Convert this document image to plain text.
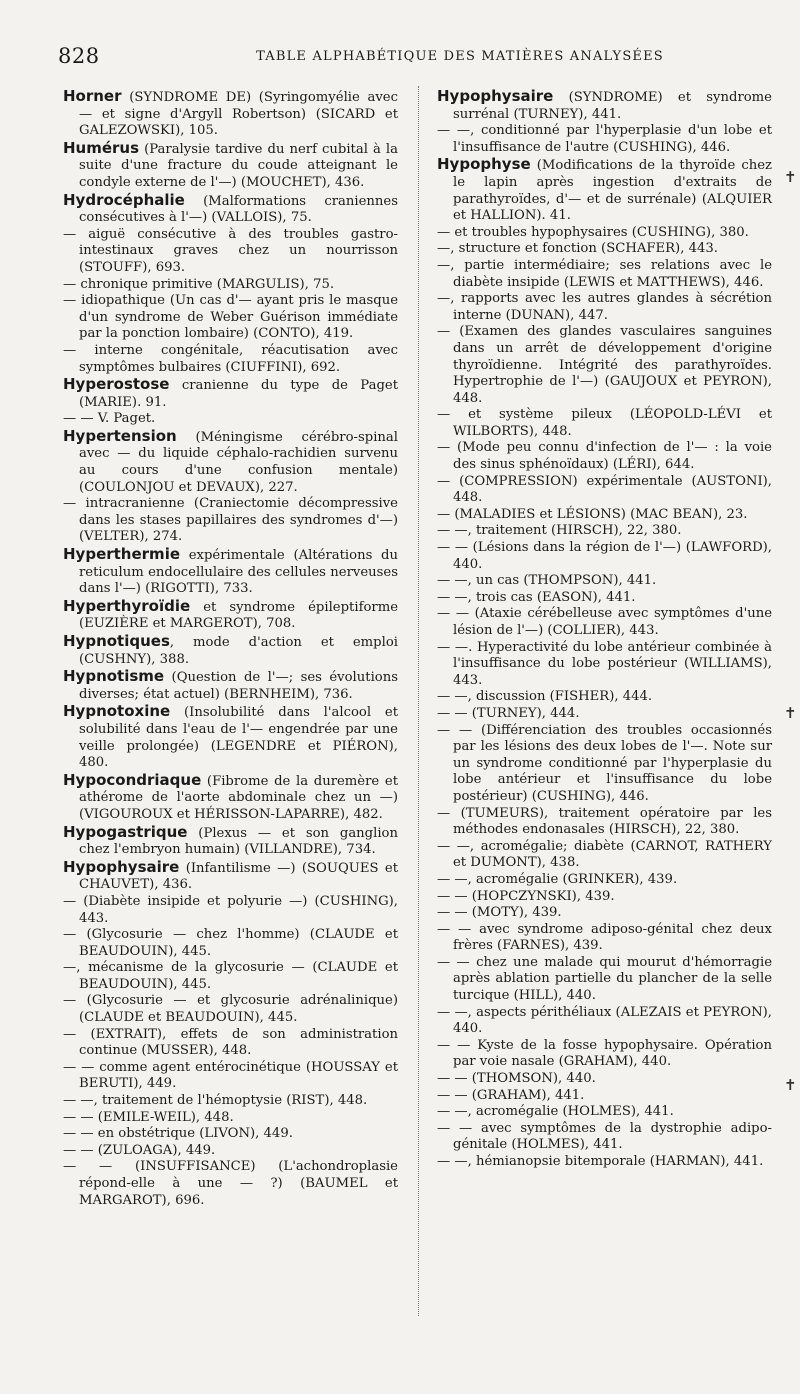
828	TABLE ALPHABÉTIQUE DES MATIÈRES ANALYSÉES

Horner (SYNDROME DE) (Syringomyélie avec — et signe d'Argyll Robertson) (SICARD et GALEZOWSKI), 105.

Humérus (Paralysie tardive du nerf cubital à la suite d'une fracture du coude atteignant le condyle externe de l'—) (MOUCHET), 436.

Hydrocéphalie (Malformations craniennes consécutives à l'—) (VALLOIS), 75.

— aiguë consécutive à des troubles gastro-intestinaux graves chez un nourrisson (STOUFF), 693.

— chronique primitive (MARGULIS), 75.

— idiopathique (Un cas d'— ayant pris le masque d'un syndrome de Weber Guérison immédiate par la ponction lombaire) (CONTO), 419.

— interne congénitale, réacutisation avec symptômes bulbaires (CIUFFINI), 692.

Hyperostose cranienne du type de Paget (MARIE). 91.

— — V. Paget.

Hypertension (Méningisme cérébro-spinal avec — du liquide céphalo-rachidien survenu au cours d'une confusion mentale) (COULONJOU et DEVAUX), 227.

— intracranienne (Craniectomie décompressive dans les stases papillaires des syndromes d'—) (VELTER), 274.

Hyperthermie expérimentale (Altérations du reticulum endocellulaire des cellules nerveuses dans l'—) (RIGOTTI), 733.

Hyperthyroïdie et syndrome épileptiforme (EUZIÈRE et MARGEROT), 708.

Hypnotiques, mode d'action et emploi (CUSHNY), 388.

Hypnotisme (Question de l'—; ses évolutions diverses; état actuel) (BERNHEIM), 736.

Hypnotoxine (Insolubilité dans l'alcool et solubilité dans l'eau de l'— engendrée par une veille prolongée) (LEGENDRE et PIÉRON), 480.

Hypocondriaque (Fibrome de la duremère et athérome de l'aorte abdominale chez un —) (VIGOUROUX et HÉRISSON-LAPARRE), 482.

Hypogastrique (Plexus — et son ganglion chez l'embryon humain) (VILLANDRE), 734.

Hypophysaire (Infantilisme —) (SOUQUES et CHAUVET), 436.

— (Diabète insipide et polyurie —) (CUSHING), 443.

— (Glycosurie — chez l'homme) (CLAUDE et BEAUDOUIN), 445.

—, mécanisme de la glycosurie — (CLAUDE et BEAUDOUIN), 445.

— (Glycosurie — et glycosurie adrénalinique) (CLAUDE et BEAUDOUIN), 445.

— (EXTRAIT), effets de son administration continue (MUSSER), 448.

— — comme agent entérocinétique (HOUSSAY et BERUTI), 449.

— —, traitement de l'hémoptysie (RIST), 448.

— — (EMILE-WEIL), 448.

— — en obstétrique (LIVON), 449.

— — (ZULOAGA), 449.

— — (INSUFFISANCE) (L'achondroplasie répond-elle à une — ?) (BAUMEL et MARGAROT), 696.

Hypophysaire (SYNDROME) et syndrome surrénal (TURNEY), 441.

— —, conditionné par l'hyperplasie d'un lobe et l'insuffisance de l'autre (CUSHING), 446.

Hypophyse (Modifications de la thyroïde chez le lapin après ingestion d'extraits de parathyroïdes, d'— et de surrénale) (ALQUIER et HALLION). 41.

— et troubles hypophysaires (CUSHING), 380.

—, structure et fonction (SCHAFER), 443.

—, partie intermédiaire; ses relations avec le diabète insipide (LEWIS et MATTHEWS), 446.

—, rapports avec les autres glandes à sécrétion interne (DUNAN), 447.

— (Examen des glandes vasculaires sanguines dans un arrêt de développement d'origine thyroïdienne. Intégrité des parathyroïdes. Hypertrophie de l'—) (GAUJOUX et PEYRON), 448.

— et système pileux (LÉOPOLD-LÉVI et WILBORTS), 448.

— (Mode peu connu d'infection de l'— : la voie des sinus sphénoïdaux) (LÉRI), 644.

— (COMPRESSION) expérimentale (AUSTONI), 448.

— (MALADIES et LÉSIONS) (MAC BEAN), 23.

— —, traitement (HIRSCH), 22, 380.

— — (Lésions dans la région de l'—) (LAWFORD), 440.

— —, un cas (THOMPSON), 441.

— —, trois cas (EASON), 441.

— — (Ataxie cérébelleuse avec symptômes d'une lésion de l'—) (COLLIER), 443.

— —. Hyperactivité du lobe antérieur combinée à l'insuffisance du lobe postérieur (WILLIAMS), 443.

— —, discussion (FISHER), 444.

— — (TURNEY), 444.

— — (Différenciation des troubles occasionnés par les lésions des deux lobes de l'—. Note sur un syndrome conditionné par l'hyperplasie du lobe antérieur et l'insuffisance du lobe postérieur) (CUSHING), 446.

— (TUMEURS), traitement opératoire par les méthodes endonasales (HIRSCH), 22, 380.

— —, acromégalie; diabète (CARNOT, RATHERY et DUMONT), 438.

— —, acromégalie (GRINKER), 439.

— — (HOPCZYNSKI), 439.

— — (MOTY), 439.

— — avec syndrome adiposo-génital chez deux frères (FARNES), 439.

— — chez une malade qui mourut d'hémorragie après ablation partielle du plancher de la selle turcique (HILL), 440.

— —, aspects périthéliaux (ALEZAIS et PEYRON), 440.

— — Kyste de la fosse hypophysaire. Opération par voie nasale (GRAHAM), 440.

— — (THOMSON), 440.

— — (GRAHAM), 441.

— —, acromégalie (HOLMES), 441.

— — avec symptômes de la dystrophie adipo-génitale (HOLMES), 441.

— —, hémianopsie bitemporale (HARMAN), 441.

✝
✝
✝
